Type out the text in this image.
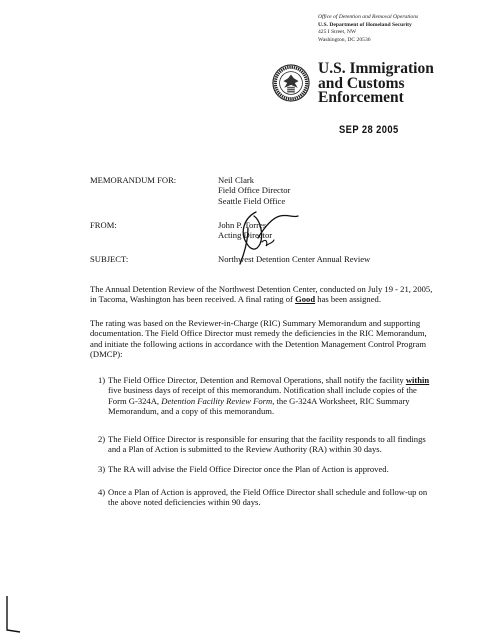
Office of Detention and Removal Operations
U.S. Department of Homeland Security
425 I Street, NW
Washington, DC 20536
U.S. Immigration
and Customs
Enforcement
SEP 28 2005
MEMORANDUM FOR:	Neil Clark
Field Office Director
Seattle Field Office
FROM:	John P. Torres
Acting Director
SUBJECT:	Northwest Detention Center Annual Review
The Annual Detention Review of the Northwest Detention Center, conducted on July 19 - 21, 2005,
in Tacoma, Washington has been received. A final rating of Good has been assigned.
The rating was based on the Reviewer-in-Charge (RIC) Summary Memorandum and supporting
documentation. The Field Office Director must remedy the deficiencies in the RIC Memorandum,
and initiate the following actions in accordance with the Detention Management Control Program
(DMCP):
1) The Field Office Director, Detention and Removal Operations, shall notify the facility within
five business days of receipt of this memorandum. Notification shall include copies of the
Form G-324A, Detention Facility Review Form, the G-324A Worksheet, RIC Summary
Memorandum, and a copy of this memorandum.
2) The Field Office Director is responsible for ensuring that the facility responds to all findings
and a Plan of Action is submitted to the Review Authority (RA) within 30 days.
3) The RA will advise the Field Office Director once the Plan of Action is approved.
4) Once a Plan of Action is approved, the Field Office Director shall schedule and follow-up on
the above noted deficiencies within 90 days.
